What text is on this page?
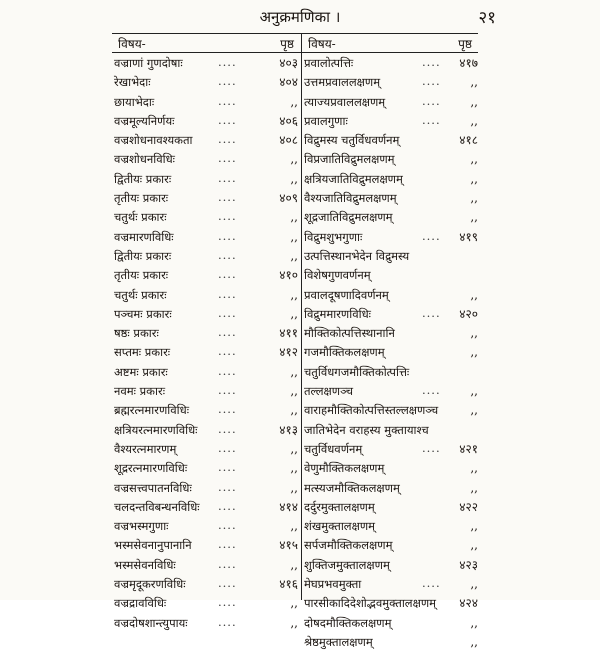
अनुक्रमणिका ।	२१
विषय-	पृष्ठ
वज्राणां गुणदोषाः	....	४०३
रेखाभेदाः	....	४०४
छायाभेदाः	....	,,
वज्रमूल्यनिर्णयः	....	४०६
वज्रशोधनावश्यकता ....	४०८
वज्रशोधनविधिः	....	,,
द्वितीयः प्रकारः	....	,,
तृतीयः प्रकारः	....	४०९
चतुर्थः प्रकारः	....	,,
वज्रमारणविधिः	....	,,
द्वितीयः प्रकारः	....	,,
तृतीयः प्रकारः	....	४१०
चतुर्थः प्रकारः	....	,,
पञ्चमः प्रकारः	....	,,
षष्ठः प्रकारः	....	४११
सप्तमः प्रकारः	....	४१२
अष्टमः प्रकारः	....	,,
नवमः प्रकारः	....	,,
ब्रह्मरत्नमारणविधिः	....	,,
क्षत्रियरत्नमारणविधिः ....	४१३
वैश्यरत्नमारणम्	....	,,
शूद्ररत्नमारणविधिः	....	,,
वज्रसत्त्वपातनविधिः ....	,,
चलदन्तविबन्धनविधिः ....	४१४
वज्रभस्मगुणाः	....	,,
भस्मसेवनानुपानानि ....	४१५
भस्मसेवनविधिः	....	,,
वज्रमृदूकरणविधिः	....	४१६
वज्रद्रावविधिः	....	,,
वज्रदोषशान्त्युपायः	....	,,
विषय-	पृष्ठ
प्रवालोत्पत्तिः	.... ४१७
उत्तमप्रवाललक्षणम्	.... ,,
त्याज्यप्रवाललक्षणम्	.... ,,
प्रवालगुणाः	.... ,,
विद्रुमस्य चतुर्विधवर्णनम्	४१८
विप्रजातिविद्रुमलक्षणम्	,,
क्षत्रियजातिविद्रुमलक्षणम्	,,
वैश्यजातिविद्रुमलक्षणम्	,,
शूद्रजातिविद्रुमलक्षणम्	,,
विद्रुमशुभगुणाः	.... ४१९
उत्पत्तिस्थानभेदेन विद्रुमस्य
विशेषगुणवर्णनम्
प्रवालदूषणादिवर्णनम्	,,
विद्रुममारणविधिः	.... ४२०
मौक्तिकोत्पत्तिस्थानानि	,,
गजमौक्तिकलक्षणम्	,,
चतुर्विधगजमौक्तिकोत्पत्तिः
तल्लक्षणञ्च	.... ,,
वाराहमौक्तिकोत्पत्तिस्तल्लक्षणञ्च	,,
जातिभेदेन वराहस्य मुक्तायाश्च
चतुर्विधवर्णनम्	.... ४२१
वेणुमौक्तिकलक्षणम्	,,
मत्स्यजमौक्तिकलक्षणम्	,,
दर्दुरमुक्तालक्षणम्	४२२
शंखमुक्तालक्षणम्	,,
सर्पजमौक्तिकलक्षणम्	,,
शुक्तिजमुक्तालक्षणम्	४२३
मेघप्रभवमुक्ता	.... ,,
पारसीकादिदेशोद्भवमुक्तालक्षणम् ४२४
दोषदमौक्तिकलक्षणम्	,,
श्रेष्ठमुक्तालक्षणम्	,,
